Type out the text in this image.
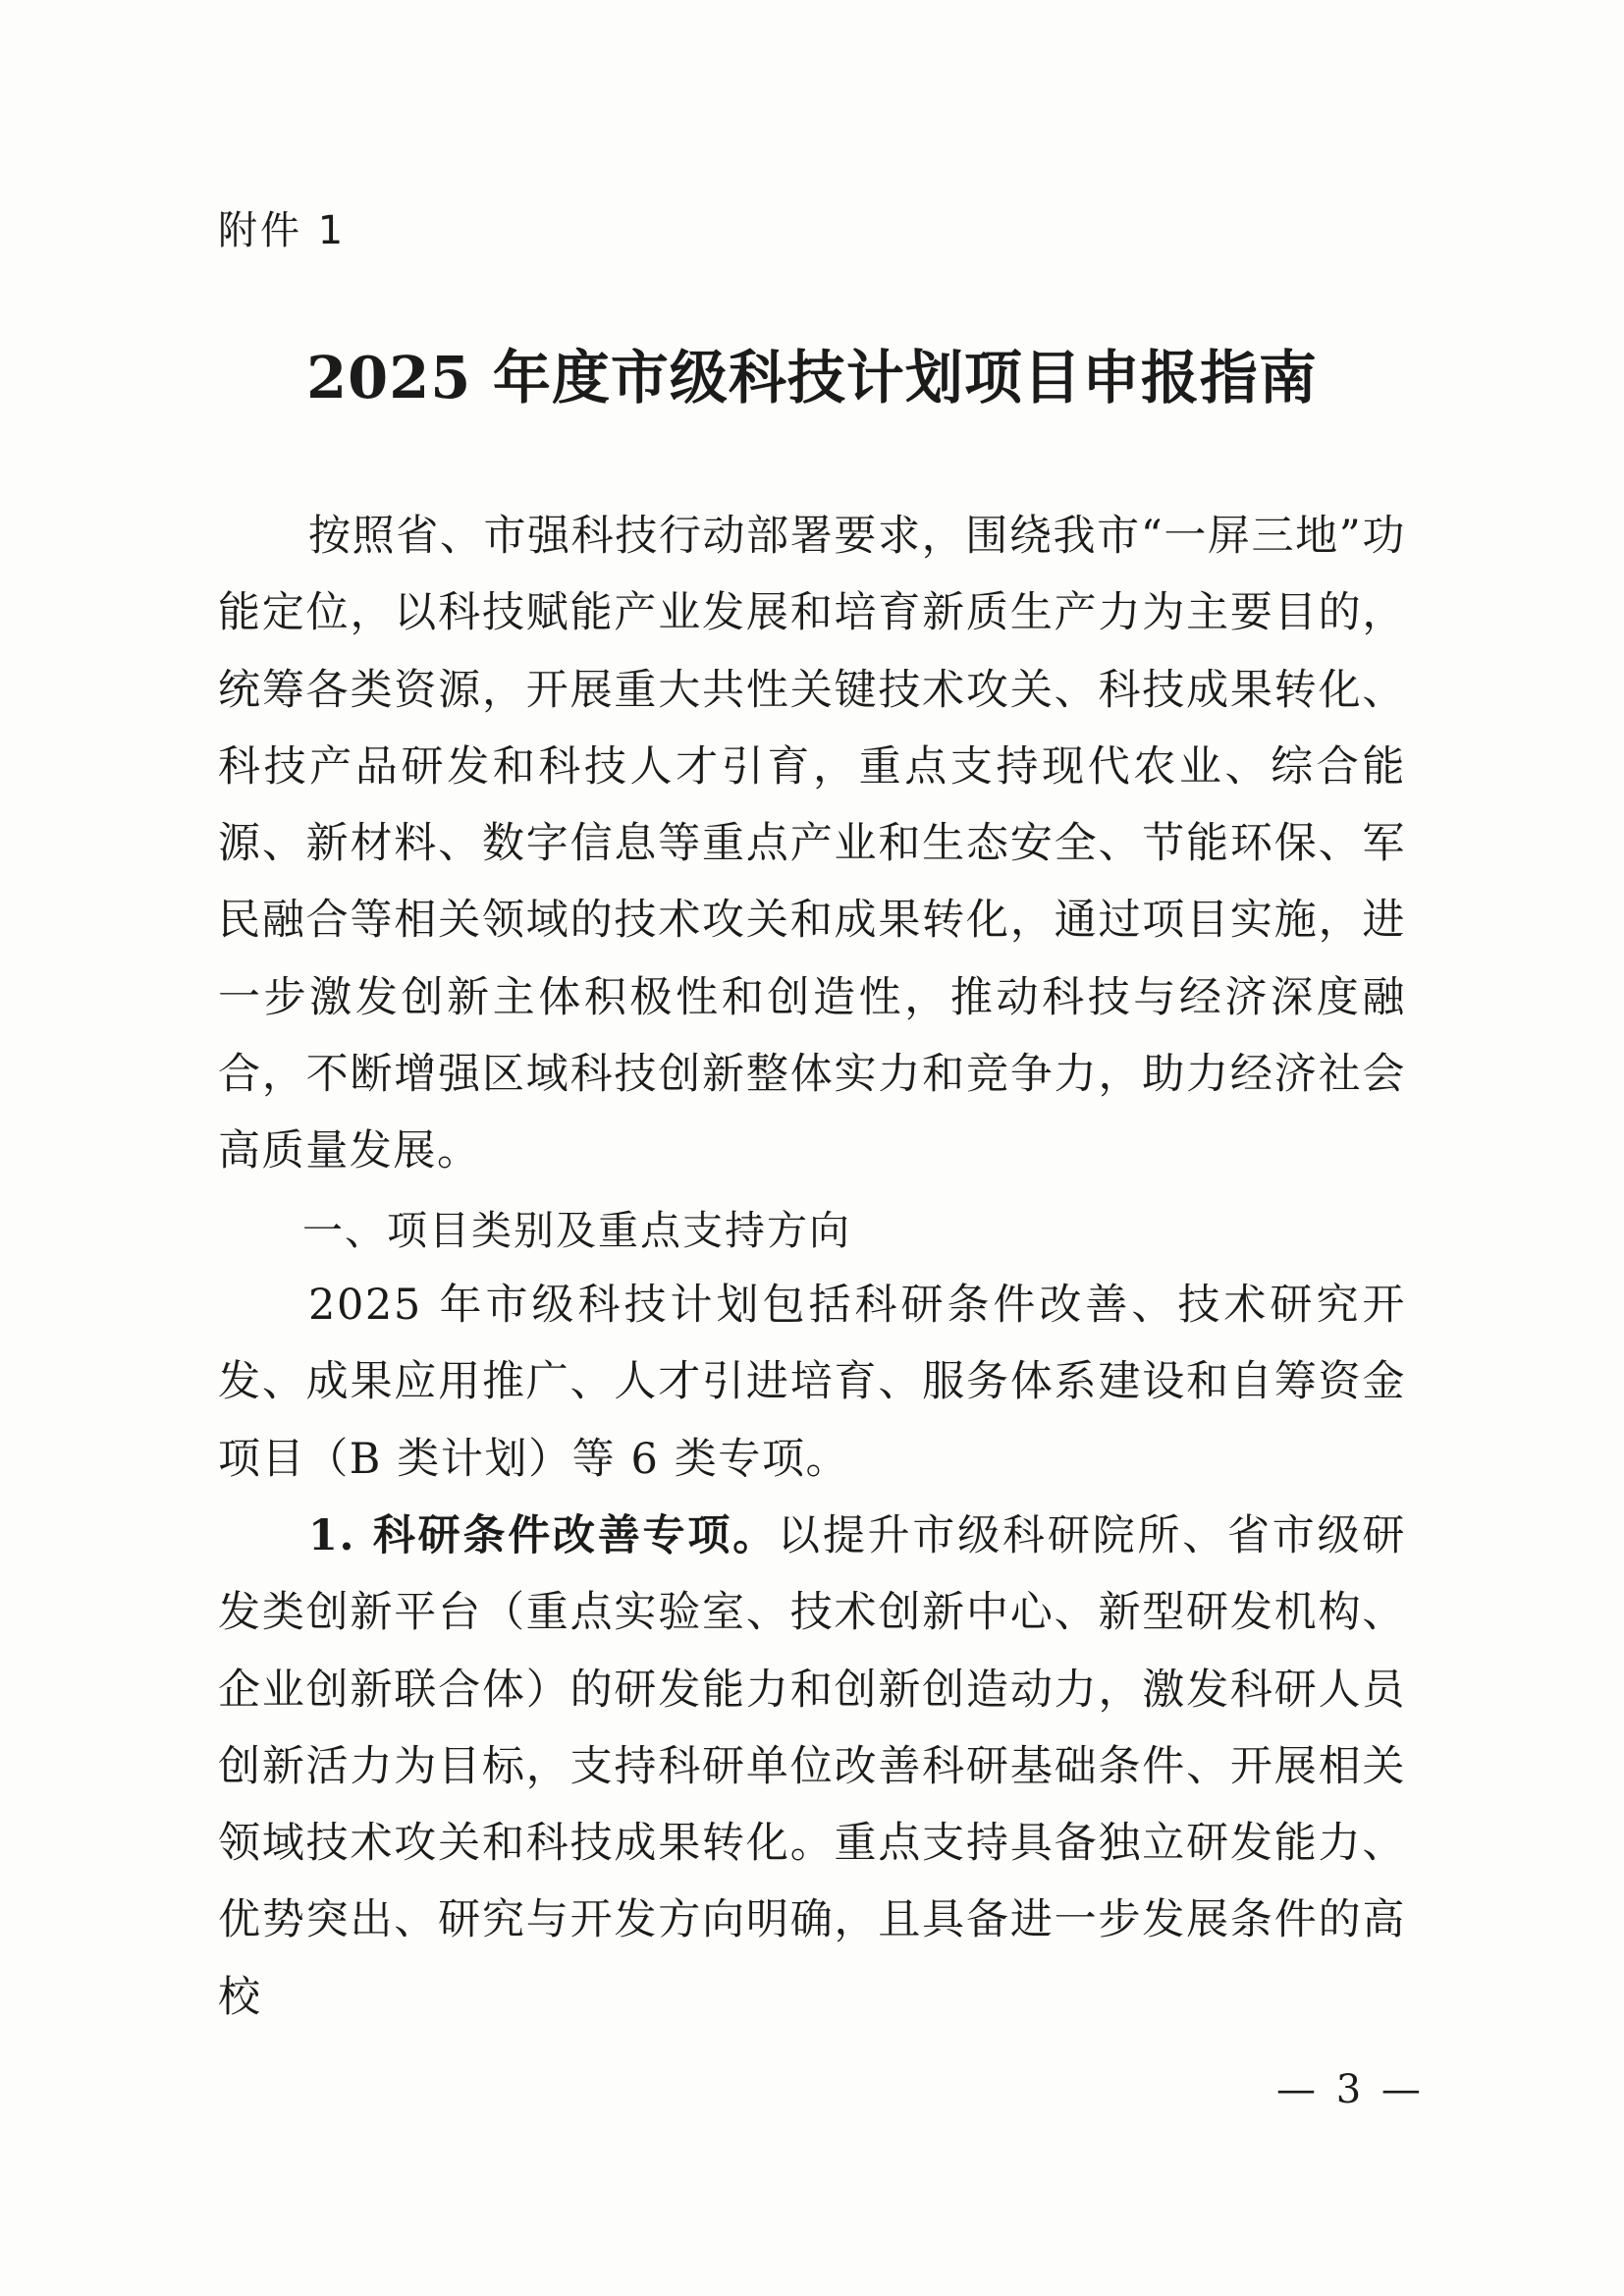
附件 1
2025 年度市级科技计划项目申报指南

按照省、市强科技行动部署要求，围绕我市“一屏三地”功能定位，以科技赋能产业发展和培育新质生产力为主要目的，统筹各类资源，开展重大共性关键技术攻关、科技成果转化、科技产品研发和科技人才引育，重点支持现代农业、综合能源、新材料、数字信息等重点产业和生态安全、节能环保、军民融合等相关领域的技术攻关和成果转化，通过项目实施，进一步激发创新主体积极性和创造性，推动科技与经济深度融合，不断增强区域科技创新整体实力和竞争力，助力经济社会高质量发展。

一、项目类别及重点支持方向

2025 年市级科技计划包括科研条件改善、技术研究开发、成果应用推广、人才引进培育、服务体系建设和自筹资金项目（B 类计划）等 6 类专项。

1. 科研条件改善专项。以提升市级科研院所、省市级研发类创新平台（重点实验室、技术创新中心、新型研发机构、企业创新联合体）的研发能力和创新创造动力，激发科研人员创新活力为目标，支持科研单位改善科研基础条件、开展相关领域技术攻关和科技成果转化。重点支持具备独立研发能力、优势突出、研究与开发方向明确，且具备进一步发展条件的高校

— 3 —
